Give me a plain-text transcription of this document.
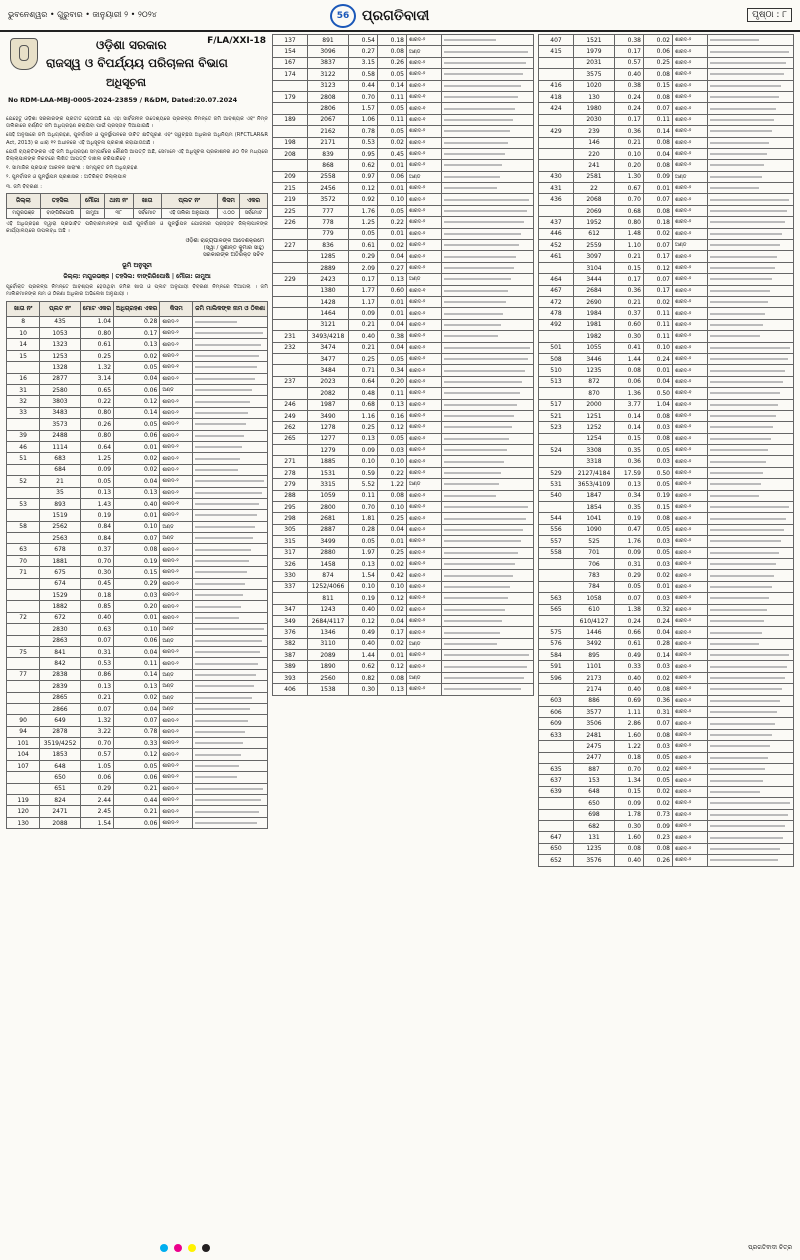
ଭୁବନେଶ୍ୱର • ଗୁରୁବାର • ଜାନୁୟାରୀ ୨ • ୨୦୨୪	56 ପ୍ରଗତିବାଦୀ	ପୃଷ୍ଠା : ୮
F/LA/XXI-18
ଓଡ଼ିଶା ସରକାର
ରାଜସ୍ୱ ଓ ବିପର୍ଯ୍ୟୟ ପରିଚାଳନା ବିଭାଗ
ଅଧିସୂଚନା
No RDM-LAA-MBJ-0005-2024-23859 / R&DM, Dated:20.07.2024

ଯେହେତୁ ଓଡ଼ିଶା ସରକାରଙ୍କ ପ୍ରତୀତ ହେଉଅଛି ଯେ ଏହା ସାର୍ବଜନୀନ ଉଦ୍ଦେଶ୍ୟରେ ପ୍ରକଳ୍ପ ନିମନ୍ତେ ଜମି ଆବଶ୍ୟକ ଏବଂ ନିମ୍ନ ତାଲିକାରେ ବର୍ଣ୍ଣିତ ଜମି ଅଧିଗ୍ରହଣ କରାଯିବା ପାଇଁ ପ୍ରସ୍ତାବ ଦିଆଯାଇଛି ।

ସେହି ଅନୁସାରେ ଜମି ଅଧିଗ୍ରହଣ, ପୁନର୍ବାସନ ଓ ପୁନର୍ସ୍ଥାପନରେ ଉଚିତ କ୍ଷତିପୂରଣ ଏବଂ ସ୍ୱଚ୍ଛତା ଅଧିକାର ଅଧିନିୟମ (RFCTLAR&R Act, 2013) ର ଧାରା ୧୧ ଅଧୀନରେ ଏହି ଅଧିସୂଚନା ପ୍ରକାଶ କରାଯାଉଅଛି ।

ଯେଉଁ ବ୍ୟକ୍ତିଙ୍କର ଏହି ଜମି ଅଧିଗ୍ରହଣ ସମ୍ପର୍କରେ କୌଣସି ଆପତ୍ତି ଅଛି, ସେମାନେ ଏହି ଅଧିସୂଚନା ପ୍ରକାଶନର ୬୦ ଦିନ ମଧ୍ୟରେ ଜିଲ୍ଲାପାଳଙ୍କ ନିକଟରେ ଲିଖିତ ଆପତ୍ତି ଦାଖଲ କରିପାରିବେ ।

୧. ସାମାଜିକ ପ୍ରଭାବ ଆକଳନ ସାରାଂଶ : ସମ୍ପୃକ୍ତ ଜମି ଅଧିଗ୍ରହଣ

୨. ପୁନର୍ବାସନ ଓ ପୁନର୍ସ୍ଥାପନ ପ୍ରଶାସକ : ଅତିରିକ୍ତ ଜିଲ୍ଲାପାଳ

୩. ଜମି ବିବରଣୀ :

ଜିଲ୍ଲା	ତହସିଲ	ମୌଜା	ଥାନା ନଂ	ଖାତା	ପ୍ଲଟ ନଂ	କିସମ	ଏକର
ମୟୂରଭଞ୍ଜ	ବାଙ୍ଗିରିପୋଷି	ଜାମୁଆ	୩୮	ସର୍ବମୋଟ	ଏହି ତାଲିକା ଅନୁଯାୟୀ	ଏ.୦୦	ସର୍ବମୋଟ

ଏହି ଅଧିଗ୍ରହଣ ଦ୍ୱାରା ପ୍ରଭାବିତ ପରିବାରମାନଙ୍କ ପାଇଁ ପୁନର୍ବାସନ ଓ ପୁନର୍ସ୍ଥାପନ ଯୋଜନାର ପ୍ରସ୍ତାବ ଜିଲ୍ଲାପାଳଙ୍କ କାର୍ଯ୍ୟାଳୟରେ ଉପଲବ୍ଧ ଅଛି ।

ଓଡ଼ିଶା ରାଜ୍ୟପାଳଙ୍କ ଆଦେଶକ୍ରମେ
(ସ୍ୱା / ସୁଶାନ୍ତ କୁମାର ସାହୁ)
ସରକାରଙ୍କ ଅତିରିକ୍ତ ସଚିବ
ଭୂମି ଅନୁସୂଚୀ
ଜିଲ୍ଲା: ମୟୂରଭଞ୍ଜ | ତହସିଲ: ବାଙ୍ଗିରିପୋଷି | ମୌଜା: ଜାମୁଆ

ପୂର୍ବୋକ୍ତ ପ୍ରକଳ୍ପ ନିମନ୍ତେ ଆବଶ୍ୟକ ହେଉଥିବା ଜମିର ଖାତା ଓ ପ୍ଲଟ ଅନୁଯାୟୀ ବିବରଣୀ ନିମ୍ନରେ ଦିଆଗଲା । ଜମି ମାଲିକମାନଙ୍କ ନାମ ଓ ଠିକଣା ଅଧିକାର ଅଭିଲେଖ ଅନୁଯାୟୀ ।

ଖାତା ନଂ	ପ୍ଲଟ ନଂ	ମୋଟ ଏକର	ଅଧିଗ୍ରହଣ ଏକର	କିସମ	ଜମି ମାଲିକଙ୍କ ନାମ ଓ ଠିକଣା
8	435	1.04	0.28	ଶାରଦ-୨	

10	1053	0.80	0.17	ଶାରଦ-୨	

14	1323	0.61	0.13	ଶାରଦ-୨	

15	1253	0.25	0.02	ଶାରଦ-୨	

	1328	1.32	0.05	ଶାରଦ-୧	

16	2877	3.14	0.04	ଶାରଦ-୨	

31	2580	0.65	0.06	ଅଣ୍ଡ	

32	3803	0.22	0.12	ଶାରଦ-୨	

33	3483	0.80	0.14	ଶାରଦ-୨	

	3573	0.26	0.05	ଶାରଦ-୨	

39	2488	0.80	0.06	ଶାରଦ-୨	

46	1114	0.64	0.01	ଶାରଦ-୨	

51	683	1.25	0.02	ଶାରଦ-୨	

	684	0.09	0.02	ଶାରଦ-୨	

52	21	0.05	0.04	ଶାରଦ-୨	

	35	0.13	0.13	ଶାରଦ-୨	

53	893	1.43	0.40	ଶାରଦ-୧	

	1519	0.19	0.01	ଶାରଦ-୨	

58	2562	0.84	0.10	ଅଣ୍ଡ	

	2563	0.84	0.07	ଅଣ୍ଡ	

63	678	0.37	0.08	ଶାରଦ-୨	

70	1881	0.70	0.19	ଶାରଦ-୨	

71	675	0.30	0.15	ଶାରଦ-୨	

	674	0.45	0.29	ଶାରଦ-୨	

	1529	0.18	0.03	ଶାରଦ-୨	

	1882	0.85	0.20	ଶାରଦ-୨	

72	672	0.40	0.01	ଶାରଦ-୨	

	2830	0.63	0.10	ଅଣ୍ଡ	

	2863	0.07	0.06	ଅଣ୍ଡ	

75	841	0.31	0.04	ଶାରଦ-୨	

	842	0.53	0.11	ଶାରଦ-୨	

77	2838	0.86	0.14	ଅଣ୍ଡ	

	2839	0.13	0.13	ଅଣ୍ଡ	

	2865	0.21	0.02	ଅଣ୍ଡ	

	2866	0.07	0.04	ଅଣ୍ଡ	

90	649	1.32	0.07	ଶାରଦ-୨	

94	2878	3.22	0.78	ଶାରଦ-୨	

101	3519/4252	0.70	0.33	ଶାରଦ-୨	

104	1853	0.57	0.12	ଶାରଦ-୨	

107	648	1.05	0.05	ଶାରଦ-୨	

	650	0.06	0.06	ଶାରଦ-୨	

	651	0.29	0.21	ଶାରଦ-୨	

119	824	2.44	0.44	ଶାରଦ-୨	

120	2471	2.45	0.21	ଶାରଦ-୨	

130	2088	1.54	0.06	ଶାରଦ-୨	
137	891	0.54	0.18	ଶାରଦ-୨	

154	3096	0.27	0.08	ଅଣ୍ଡ	

167	3837	3.15	0.26	ଶାରଦ-୨	

174	3122	0.58	0.05	ଶାରଦ-୨	

	3123	0.44	0.14	ଶାରଦ-୨	

179	2808	0.70	0.11	ଶାରଦ-୧	

	2806	1.57	0.05	ଶାରଦ-୧	

189	2067	1.06	0.11	ଶାରଦ-୧	

	2162	0.78	0.05	ଶାରଦ-୨	

198	2171	0.53	0.02	ଶାରଦ-୨	

208	839	0.95	0.45	ଶାରଦ-୨	

	868	0.62	0.01	ଶାରଦ-୨	

209	2558	0.97	0.06	ଅଣ୍ଡ	

215	2456	0.12	0.01	ଶାରଦ-୨	

219	3572	0.92	0.10	ଶାରଦ-୨	

225	777	1.76	0.05	ଶାରଦ-୨	

226	778	1.25	0.22	ଶାରଦ-୨	

	779	0.05	0.01	ଶାରଦ-୨	

227	836	0.61	0.02	ଶାରଦ-୨	

	1285	0.29	0.04	ଶାରଦ-୨	

	2889	2.09	0.27	ଶାରଦ-୨	

229	2423	0.17	0.13	ଅଣ୍ଡ	

	1380	1.77	0.60	ଶାରଦ-୧	

	1428	1.17	0.01	ଶାରଦ-୨	

	1464	0.09	0.01	ଶାରଦ-୨	

	3121	0.21	0.04	ଶାରଦ-୨	

231	3493/4218	0.40	0.38	ଶାରଦ-୨	

232	3474	0.21	0.04	ଶାରଦ-୨	

	3477	0.25	0.05	ଶାରଦ-୨	

	3484	0.71	0.34	ଶାରଦ-୨	

237	2023	0.64	0.20	ଶାରଦ-୨	

	2082	0.48	0.11	ଶାରଦ-୨	

246	1987	0.68	0.13	ଶାରଦ-୨	

249	3490	1.16	0.16	ଶାରଦ-୨	

262	1278	0.25	0.12	ଶାରଦ-୨	

265	1277	0.13	0.05	ଶାରଦ-୨	

	1279	0.09	0.03	ଶାରଦ-୨	

271	1885	0.10	0.10	ଶାରଦ-୨	

278	1531	0.59	0.22	ଶାରଦ-୨	

279	3315	5.52	1.22	ଅଣ୍ଡ	

288	1059	0.11	0.08	ଶାରଦ-୨	

295	2800	0.70	0.10	ଶାରଦ-୨	

298	2681	1.81	0.25	ଶାରଦ-୨	

305	2887	0.28	0.04	ଶାରଦ-୨	

315	3499	0.05	0.01	ଶାରଦ-୨	

317	2880	1.97	0.25	ଶାରଦ-୨	

326	1458	0.13	0.02	ଶାରଦ-୨	

330	874	1.54	0.42	ଶାରଦ-୨	

337	1252/4066	0.10	0.10	ଶାରଦ-୨	

	811	0.19	0.12	ଶାରଦ-୨	

347	1243	0.40	0.02	ଶାରଦ-୨	

349	2684/4117	0.12	0.04	ଶାରଦ-୨	

376	1346	0.49	0.17	ଶାରଦ-୨	

382	3110	0.40	0.02	ଅଣ୍ଡ	

387	2089	1.44	0.01	ଶାରଦ-୨	

389	1890	0.62	0.12	ଶାରଦ-୨	

393	2560	0.82	0.08	ଅଣ୍ଡ	

406	1538	0.30	0.13	ଶାରଦ-୨	
407	1521	0.38	0.02	ଶାରଦ-୨	

415	1979	0.17	0.06	ଶାରଦ-୨	

	2031	0.57	0.25	ଶାରଦ-୨	

	3575	0.40	0.08	ଶାରଦ-୨	

416	1020	0.38	0.15	ଶାରଦ-୨	

418	130	0.24	0.08	ଶାରଦ-୨	

424	1980	0.24	0.07	ଶାରଦ-୨	

	2030	0.17	0.11	ଶାରଦ-୨	

429	239	0.36	0.14	ଶାରଦ-୨	

	146	0.21	0.08	ଶାରଦ-୨	

	220	0.10	0.04	ଶାରଦ-୨	

	241	0.20	0.08	ଶାରଦ-୨	

430	2581	1.30	0.09	ଅଣ୍ଡ	

431	22	0.67	0.01	ଶାରଦ-୨	

436	2068	0.70	0.07	ଶାରଦ-୨	

	2069	0.68	0.08	ଶାରଦ-୨	

437	1952	0.80	0.18	ଶାରଦ-୨	

446	612	1.48	0.02	ଶାରଦ-୨	

452	2559	1.10	0.07	ଅଣ୍ଡ	

461	3097	0.21	0.17	ଶାରଦ-୨	

	3104	0.15	0.12	ଶାରଦ-୨	

464	3444	0.17	0.07	ଶାରଦ-୨	

467	2684	0.36	0.17	ଶାରଦ-୨	

472	2690	0.21	0.02	ଶାରଦ-୨	

478	1984	0.37	0.11	ଶାରଦ-୨	

492	1981	0.60	0.11	ଶାରଦ-୨	

	1982	0.30	0.11	ଶାରଦ-୨	

501	1055	0.41	0.10	ଶାରଦ-୨	

508	3446	1.44	0.24	ଶାରଦ-୨	

510	1235	0.08	0.01	ଶାରଦ-୨	

513	872	0.06	0.04	ଶାରଦ-୨	

	870	1.36	0.50	ଶାରଦ-୧	

517	2000	3.77	1.04	ଶାରଦ-୨	

521	1251	0.14	0.08	ଶାରଦ-୨	

523	1252	0.14	0.03	ଶାରଦ-୨	

	1254	0.15	0.08	ଶାରଦ-୨	

524	3308	0.35	0.05	ଶାରଦ-୨	

	3318	0.36	0.03	ଶାରଦ-୨	

529	2127/4184	17.59	0.50	ଶାରଦ-୨	

531	3653/4109	0.13	0.05	ଶାରଦ-୨	

540	1847	0.34	0.19	ଶାରଦ-୨	

	1854	0.35	0.15	ଶାରଦ-୨	

544	1041	0.19	0.08	ଶାରଦ-୨	

556	1090	0.47	0.05	ଶାରଦ-୨	

557	525	1.76	0.03	ଶାରଦ-୨	

558	701	0.09	0.05	ଶାରଦ-୨	

	706	0.31	0.03	ଶାରଦ-୨	

	783	0.29	0.02	ଶାରଦ-୨	

	784	0.05	0.01	ଶାରଦ-୨	

563	1058	0.07	0.03	ଶାରଦ-୨	

565	610	1.38	0.32	ଶାରଦ-୨	

	610/4127	0.24	0.24	ଶାରଦ-୨	

575	1446	0.66	0.04	ଶାରଦ-୨	

576	3492	0.61	0.28	ଶାରଦ-୨	

584	895	0.49	0.14	ଶାରଦ-୨	

591	1101	0.33	0.03	ଶାରଦ-୨	

596	2173	0.40	0.02	ଶାରଦ-୨	

	2174	0.40	0.08	ଶାରଦ-୨	

603	886	0.69	0.36	ଶାରଦ-୨	

606	3577	1.11	0.31	ଶାରଦ-୨	

609	3506	2.86	0.07	ଶାରଦ-୨	

633	2481	1.60	0.08	ଶାରଦ-୨	

	2475	1.22	0.03	ଶାରଦ-୨	

	2477	0.18	0.05	ଶାରଦ-୨	

635	887	0.70	0.02	ଶାରଦ-୨	

637	153	1.34	0.05	ଶାରଦ-୨	

639	648	0.15	0.02	ଶାରଦ-୨	

	650	0.09	0.02	ଶାରଦ-୨	

	698	1.78	0.73	ଶାରଦ-୨	

	682	0.30	0.09	ଶାରଦ-୨	

647	131	1.60	0.23	ଶାରଦ-୨	

650	1235	0.08	0.08	ଶାରଦ-୨	

652	3576	0.40	0.26	ଶାରଦ-୨	
ପ୍ରଗତିବାଦୀ ଚିତ୍ର
